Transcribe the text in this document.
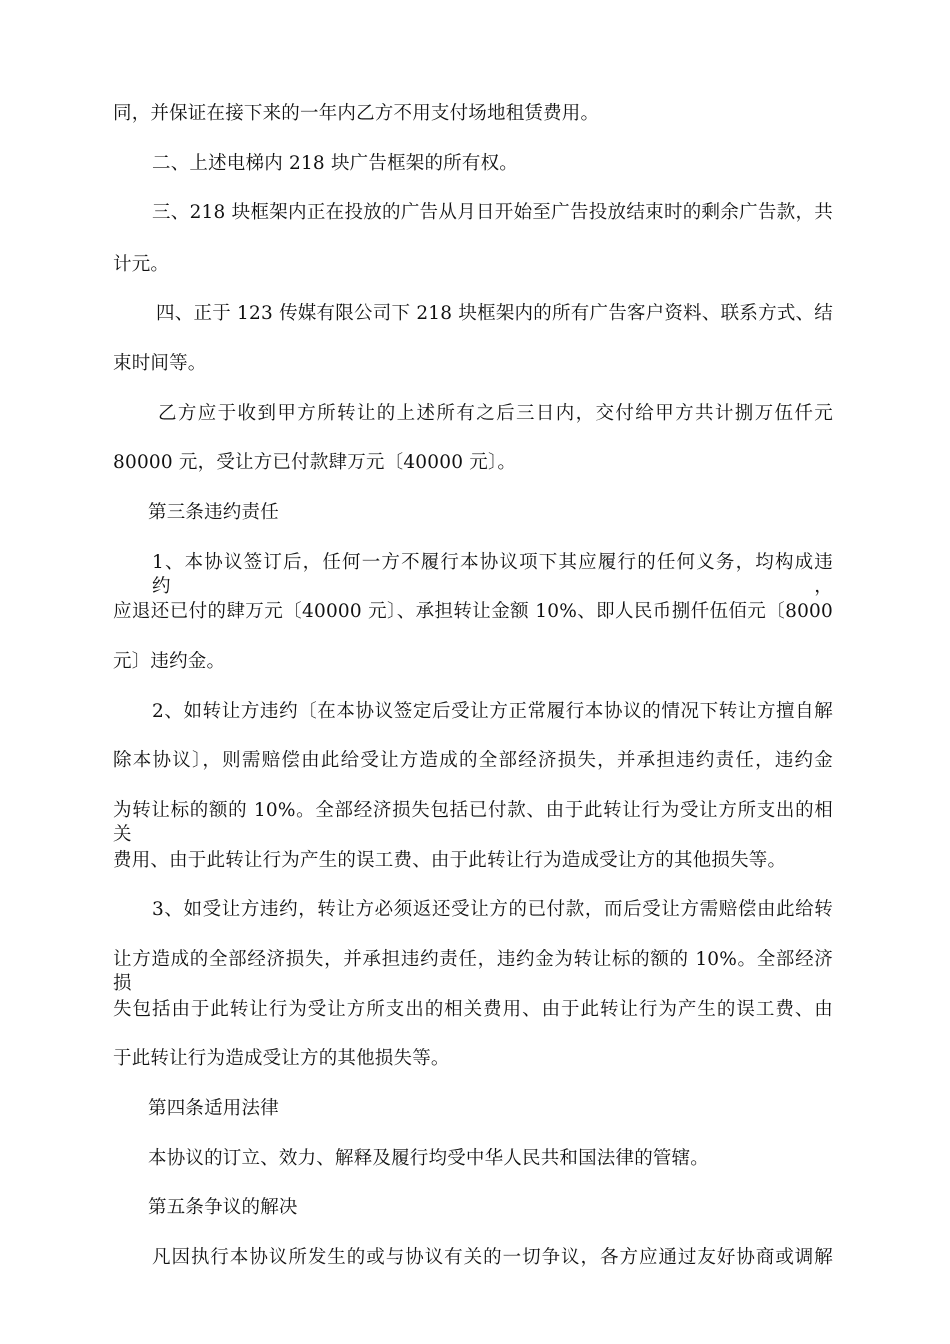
同，并保证在接下来的一年内乙方不用支付场地租赁费用。
二、上述电梯内 218 块广告框架的所有权。
三、218 块框架内正在投放的广告从月日开始至广告投放结束时的剩余广告款，共
计元。
四、正于 123 传媒有限公司下 218 块框架内的所有广告客户资料、联系方式、结
束时间等。
乙方应于收到甲方所转让的上述所有之后三日内，交付给甲方共计捌万伍仟元
80000 元，受让方已付款肆万元〔40000 元〕。
第三条违约责任
1、本协议签订后，任何一方不履行本协议项下其应履行的任何义务，均构成违约，
应退还已付的肆万元〔40000 元〕、承担转让金额 10%、即人民币捌仟伍佰元〔8000
元〕违约金。
2、如转让方违约〔在本协议签定后受让方正常履行本协议的情况下转让方擅自解
除本协议〕，则需赔偿由此给受让方造成的全部经济损失，并承担违约责任，违约金
为转让标的额的 10%。全部经济损失包括已付款、由于此转让行为受让方所支出的相关
费用、由于此转让行为产生的误工费、由于此转让行为造成受让方的其他损失等。
3、如受让方违约，转让方必须返还受让方的已付款，而后受让方需赔偿由此给转
让方造成的全部经济损失，并承担违约责任，违约金为转让标的额的 10%。全部经济损
失包括由于此转让行为受让方所支出的相关费用、由于此转让行为产生的误工费、由
于此转让行为造成受让方的其他损失等。
第四条适用法律
本协议的订立、效力、解释及履行均受中华人民共和国法律的管辖。
第五条争议的解决
凡因执行本协议所发生的或与协议有关的一切争议，各方应通过友好协商或调解
